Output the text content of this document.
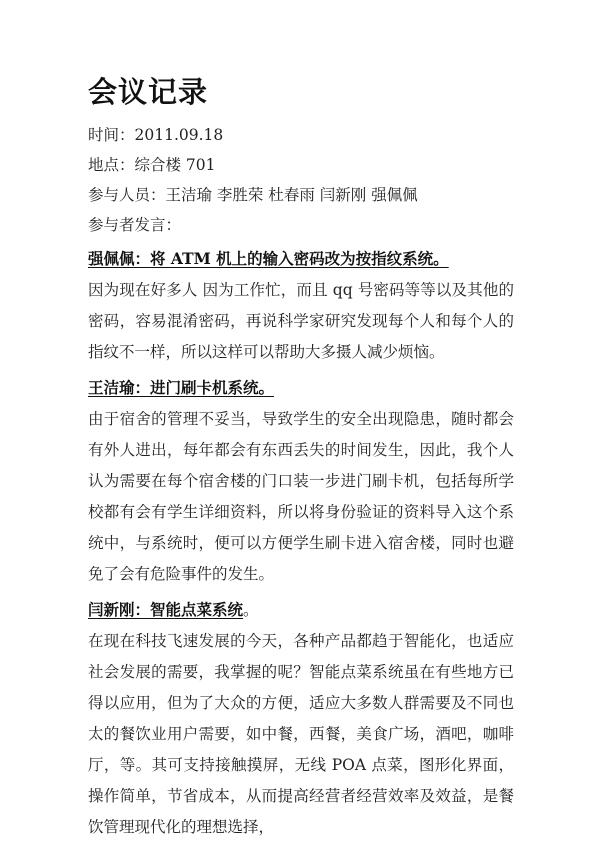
会议记录

时间：2011.09.18

地点：综合楼 701

参与人员：王洁瑜 李胜荣 杜春雨 闫新刚 强佩佩

参与者发言：

强佩佩：将 ATM 机上的输入密码改为按指纹系统。

因为现在好多人 因为工作忙，而且 qq 号密码等等以及其他的密码，容易混淆密码，再说科学家研究发现每个人和每个人的指纹不一样，所以这样可以帮助大多摄人减少烦恼。

王洁瑜：进门刷卡机系统。

由于宿舍的管理不妥当，导致学生的安全出现隐患，随时都会有外人进出，每年都会有东西丢失的时间发生，因此，我个人认为需要在每个宿舍楼的门口装一步进门刷卡机，包括每所学校都有会有学生详细资料，所以将身份验证的资料导入这个系统中，与系统时，便可以方便学生刷卡进入宿舍楼，同时也避免了会有危险事件的发生。

闫新刚：智能点菜系统。

在现在科技飞速发展的今天，各种产品都趋于智能化，也适应社会发展的需要，我掌握的呢？智能点菜系统虽在有些地方已得以应用，但为了大众的方便，适应大多数人群需要及不同也太的餐饮业用户需要，如中餐，西餐，美食广场，酒吧，咖啡厅，等。其可支持接触摸屏，无线 POA 点菜，图形化界面，操作简单，节省成本，从而提高经营者经营效率及效益，是餐饮管理现代化的理想选择，
